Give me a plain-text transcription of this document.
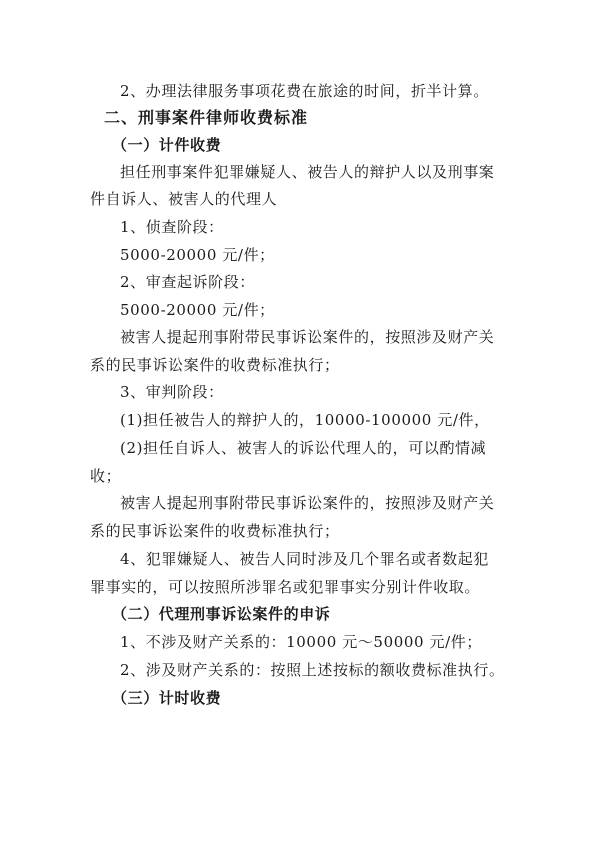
2、办理法律服务事项花费在旅途的时间，折半计算。
二、刑事案件律师收费标准
（一）计件收费
担任刑事案件犯罪嫌疑人、被告人的辩护人以及刑事案
件自诉人、被害人的代理人
1、侦查阶段：
5000-20000 元/件；
2、审查起诉阶段：
5000-20000 元/件；
被害人提起刑事附带民事诉讼案件的，按照涉及财产关
系的民事诉讼案件的收费标准执行；
3、审判阶段：
(1)担任被告人的辩护人的，10000-100000 元/件，
(2)担任自诉人、被害人的诉讼代理人的，可以酌情减
收；
被害人提起刑事附带民事诉讼案件的，按照涉及财产关
系的民事诉讼案件的收费标准执行；
4、犯罪嫌疑人、被告人同时涉及几个罪名或者数起犯
罪事实的，可以按照所涉罪名或犯罪事实分别计件收取。
（二）代理刑事诉讼案件的申诉
1、不涉及财产关系的：10000 元～50000 元/件；
2、涉及财产关系的：按照上述按标的额收费标准执行。
（三）计时收费
